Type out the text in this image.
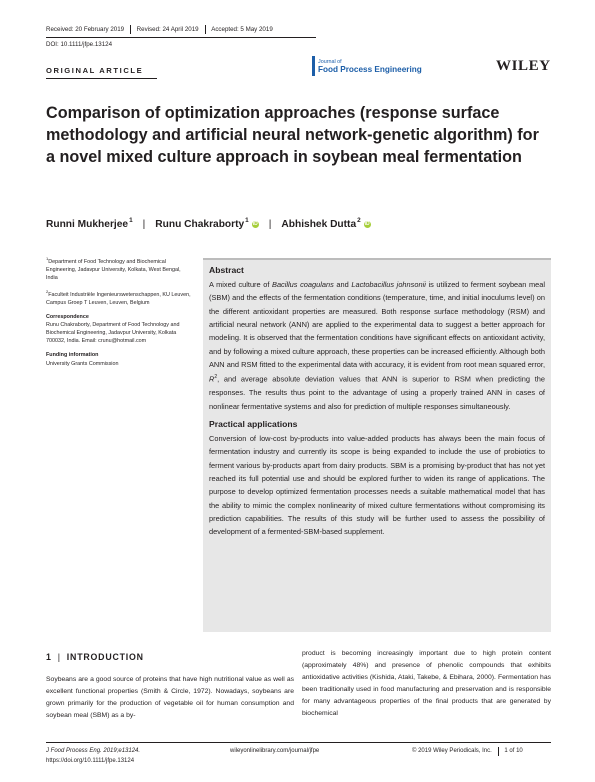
Received: 20 February 2019 Revised: 24 April 2019 Accepted: 5 May 2019
DOI: 10.1111/jfpe.13124
ORIGINAL ARTICLE
Journal of
Food Process Engineering	WILEY
Comparison of optimization approaches (response surface methodology and artificial neural network-genetic algorithm) for a novel mixed culture approach in soybean meal fermentation
Runni Mukherjee$^1$ | Runu Chakraborty$^1$ iD | Abhishek Dutta$^2$ iD
$^1$Department of Food Technology and Biochemical Engineering, Jadavpur University, Kolkata, West Bengal, India
$^2$Faculteit Industriële Ingenieurswetenschappen, KU Leuven, Campus Groep T Leuven, Leuven, Belgium
Correspondence
Runu Chakraborty, Department of Food Technology and Biochemical Engineering, Jadavpur University, Kolkata 700032, India. Email: crunu@hotmail.com
Funding information
University Grants Commission
Abstract

A mixed culture of Bacillus coagulans and Lactobacillus johnsonii is utilized to ferment soybean meal (SBM) and the effects of the fermentation conditions (temperature, time, and initial inoculums level) on the different antioxidant properties are measured. Both response surface methodology (RSM) and artificial neural network (ANN) are applied to the experimental data to suggest a better approach for modeling. It is observed that the fermentation conditions have significant effects on antioxidant activity, and by following a mixed culture approach, these properties can be increased efficiently. Although both ANN and RSM fitted to the experimental data with accuracy, it is evident from root mean squared error, $R^2$, and average absolute deviation values that ANN is superior to RSM when predicting the responses. The results thus point to the advantage of using a properly trained ANN in cases of nonlinear fermentative systems and also for prediction of multiple responses simultaneously.

Practical applications

Conversion of low-cost by-products into value-added products has always been the main focus of fermentation industry and currently its scope is being expanded to include the use of probiotics to ferment various by-products apart from dairy products. SBM is a promising by-product that has not yet reached its full potential use and should be explored further to widen its range of applications. The purpose to develop optimized fermentation processes needs a suitable mathematical model that has the ability to mimic the complex nonlinearity of mixed culture fermentations without compromising its prediction capabilities. The results of this study will be further used to assess the possibility of development of a fermented-SBM-based supplement.

1 | INTRODUCTION
Soybeans are a good source of proteins that have high nutritional value as well as excellent functional properties (Smith & Circle, 1972). Nowadays, soybeans are grown primarily for the production of vegetable oil for human consumption and soybean meal (SBM) as a by-
product is becoming increasingly important due to high protein content (approximately 48%) and presence of phenolic compounds that exhibits antioxidative activities (Kishida, Ataki, Takebe, & Ebihara, 2000). Fermentation has been traditionally used in food manufacturing and preservation and is responsible for many advantageous properties of the final products that are generated by biochemical
J Food Process Eng. 2019;e13124.
https://doi.org/10.1111/jfpe.13124
wileyonlinelibrary.com/journal/jfpe	© 2019 Wiley Periodicals, Inc. 1 of 10
